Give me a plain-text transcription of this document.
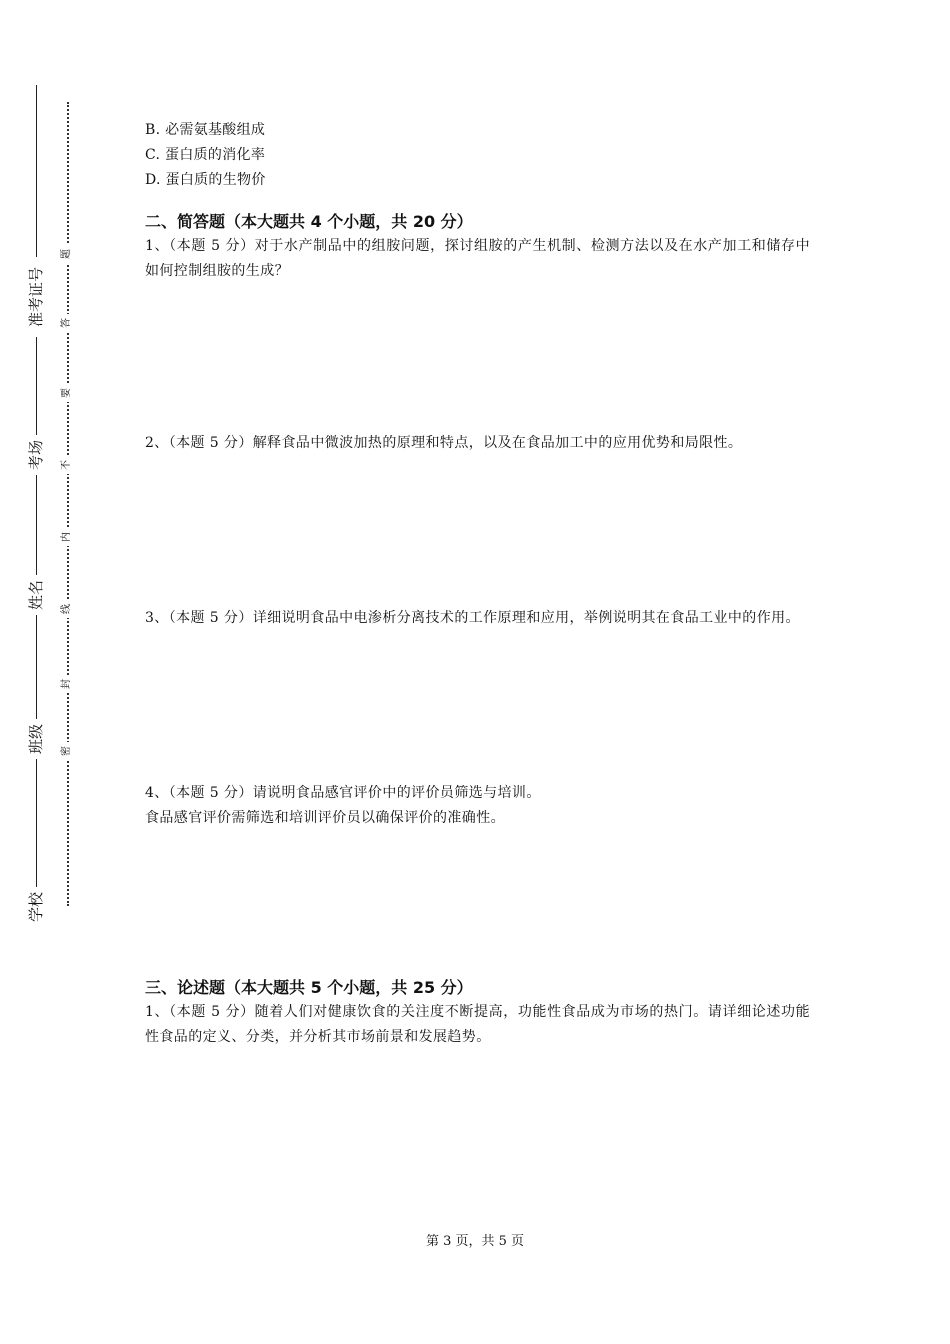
准考证号
考场
姓名
班级
学校
题
答
要
不
内
线
封
密
B. 必需氨基酸组成
C. 蛋白质的消化率
D. 蛋白质的生物价
二、简答题（本大题共 4 个小题，共 20 分）
1、（本题 5 分）对于水产制品中的组胺问题，探讨组胺的产生机制、检测方法以及在水产加工和储存中如何控制组胺的生成？
2、（本题 5 分）解释食品中微波加热的原理和特点，以及在食品加工中的应用优势和局限性。
3、（本题 5 分）详细说明食品中电渗析分离技术的工作原理和应用，举例说明其在食品工业中的作用。
4、（本题 5 分）请说明食品感官评价中的评价员筛选与培训。
食品感官评价需筛选和培训评价员以确保评价的准确性。
三、论述题（本大题共 5 个小题，共 25 分）
1、（本题 5 分）随着人们对健康饮食的关注度不断提高，功能性食品成为市场的热门。请详细论述功能性食品的定义、分类，并分析其市场前景和发展趋势。
第 3 页，共 5 页
